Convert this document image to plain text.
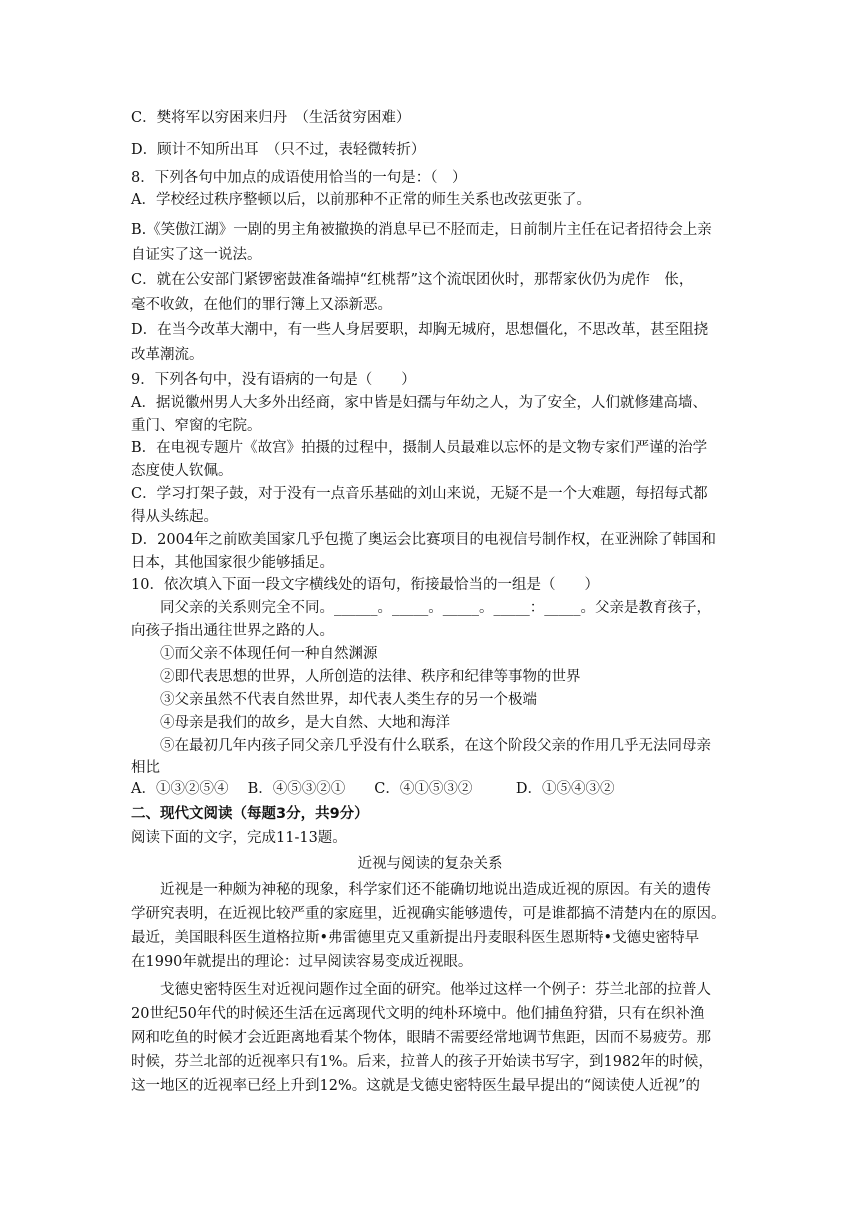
C．樊将军以穷困来归丹　（生活贫穷困难）
D．顾计不知所出耳　（只不过，表轻微转折）
8．下列各句中加点的成语使用恰当的一句是：（　）
A．学校经过秩序整顿以后，以前那种不正常的师生关系也改弦更张了。
B.《笑傲江湖》一剧的男主角被撤换的消息早已不胫而走，日前制片主任在记者招待会上亲
自证实了这一说法。
C．就在公安部门紧锣密鼓准备端掉“红桃帮”这个流氓团伙时，那帮家伙仍为虎作　伥，
毫不收敛，在他们的罪行簿上又添新恶。
D．在当今改革大潮中，有一些人身居要职，却胸无城府，思想僵化，不思改革，甚至阻挠
改革潮流。
9．下列各句中，没有语病的一句是（　　）
A．据说徽州男人大多外出经商，家中皆是妇孺与年幼之人，为了安全，人们就修建高墙、
重门、窄窗的宅院。
B．在电视专题片《故宫》拍摄的过程中，摄制人员最难以忘怀的是文物专家们严谨的治学
态度使人钦佩。
C．学习打架子鼓，对于没有一点音乐基础的刘山来说，无疑不是一个大难题，每招每式都
得从头练起。
D．2004年之前欧美国家几乎包揽了奥运会比赛项目的电视信号制作权，在亚洲除了韩国和
日本，其他国家很少能够插足。
10．依次填入下面一段文字横线处的语句，衔接最恰当的一组是（　　）
同父亲的关系则完全不同。______。_____。_____。_____：_____。父亲是教育孩子，
向孩子指出通往世界之路的人。
①而父亲不体现任何一种自然渊源
②即代表思想的世界，人所创造的法律、秩序和纪律等事物的世界
③父亲虽然不代表自然世界，却代表人类生存的另一个极端
④母亲是我们的故乡，是大自然、大地和海洋
⑤在最初几年内孩子同父亲几乎没有什么联系，在这个阶段父亲的作用几乎无法同母亲
相比
A．①③②⑤④　 B．④⑤③②①　　C．④①⑤③②　　　D．①⑤④③②
二、现代文阅读（每题3分，共9分）
阅读下面的文字，完成11-13题。
近视与阅读的复杂关系
近视是一种颇为神秘的现象，科学家们还不能确切地说出造成近视的原因。有关的遗传
学研究表明，在近视比较严重的家庭里，近视确实能够遗传，可是谁都搞不清楚内在的原因。
最近，美国眼科医生道格拉斯•弗雷德里克又重新提出丹麦眼科医生恩斯特•戈德史密特早
在1990年就提出的理论：过早阅读容易变成近视眼。
戈德史密特医生对近视问题作过全面的研究。他举过这样一个例子：芬兰北部的拉普人
20世纪50年代的时候还生活在远离现代文明的纯朴环境中。他们捕鱼狩猎，只有在织补渔
网和吃鱼的时候才会近距离地看某个物体，眼睛不需要经常地调节焦距，因而不易疲劳。那
时候，芬兰北部的近视率只有1%。后来，拉普人的孩子开始读书写字，到1982年的时候，
这一地区的近视率已经上升到12%。这就是戈德史密特医生最早提出的“阅读使人近视”的
